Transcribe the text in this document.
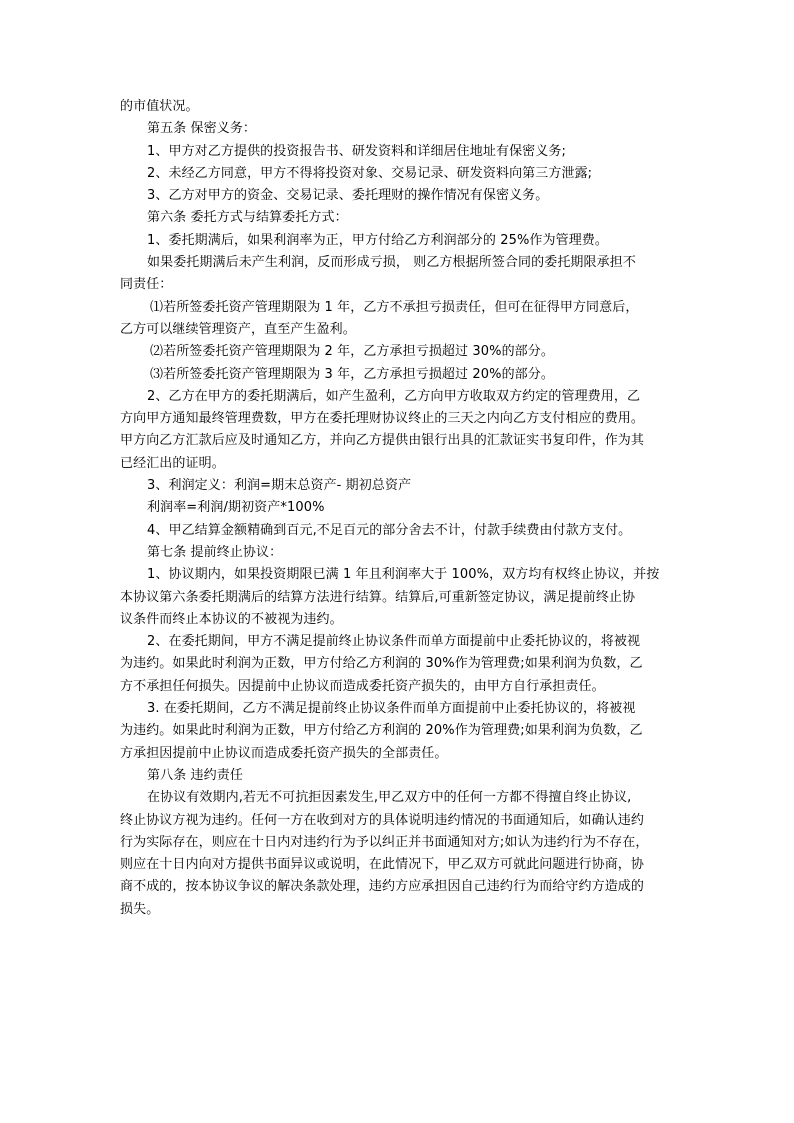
的市值状况。
第五条 保密义务：
1、甲方对乙方提供的投资报告书、研发资料和详细居住地址有保密义务;
2、未经乙方同意，甲方不得将投资对象、交易记录、研发资料向第三方泄露;
3、乙方对甲方的资金、交易记录、委托理财的操作情况有保密义务。
第六条 委托方式与结算委托方式：
1、委托期满后，如果利润率为正，甲方付给乙方利润部分的 25%作为管理费。
如果委托期满后未产生利润，反而形成亏损， 则乙方根据所签合同的委托期限承担不
同责任：
⑴若所签委托资产管理期限为 1 年，乙方不承担亏损责任，但可在征得甲方同意后，
乙方可以继续管理资产，直至产生盈利。
⑵若所签委托资产管理期限为 2 年，乙方承担亏损超过 30%的部分。
⑶若所签委托资产管理期限为 3 年，乙方承担亏损超过 20%的部分。
2、乙方在甲方的委托期满后，如产生盈利，乙方向甲方收取双方约定的管理费用，乙
方向甲方通知最终管理费数，甲方在委托理财协议终止的三天之内向乙方支付相应的费用。
甲方向乙方汇款后应及时通知乙方，并向乙方提供由银行出具的汇款证实书复印件，作为其
已经汇出的证明。
3、利润定义：利润=期末总资产- 期初总资产
利润率=利润/期初资产*100%
4、甲乙结算金额精确到百元,不足百元的部分舍去不计，付款手续费由付款方支付。
第七条 提前终止协议：
1、协议期内，如果投资期限已满 1 年且利润率大于 100%，双方均有权终止协议，并按
本协议第六条委托期满后的结算方法进行结算。结算后,可重新签定协议，满足提前终止协
议条件而终止本协议的不被视为违约。
2、在委托期间，甲方不满足提前终止协议条件而单方面提前中止委托协议的，将被视
为违约。如果此时利润为正数，甲方付给乙方利润的 30%作为管理费;如果利润为负数，乙
方不承担任何损失。因提前中止协议而造成委托资产损失的，由甲方自行承担责任。
3. 在委托期间，乙方不满足提前终止协议条件而单方面提前中止委托协议的，将被视
为违约。如果此时利润为正数，甲方付给乙方利润的 20%作为管理费;如果利润为负数，乙
方承担因提前中止协议而造成委托资产损失的全部责任。
第八条 违约责任
在协议有效期内,若无不可抗拒因素发生,甲乙双方中的任何一方都不得擅自终止协议,
终止协议方视为违约。任何一方在收到对方的具体说明违约情况的书面通知后，如确认违约
行为实际存在，则应在十日内对违约行为予以纠正并书面通知对方;如认为违约行为不存在，
则应在十日内向对方提供书面异议或说明，在此情况下，甲乙双方可就此问题进行协商，协
商不成的，按本协议争议的解决条款处理，违约方应承担因自己违约行为而给守约方造成的
损失。
